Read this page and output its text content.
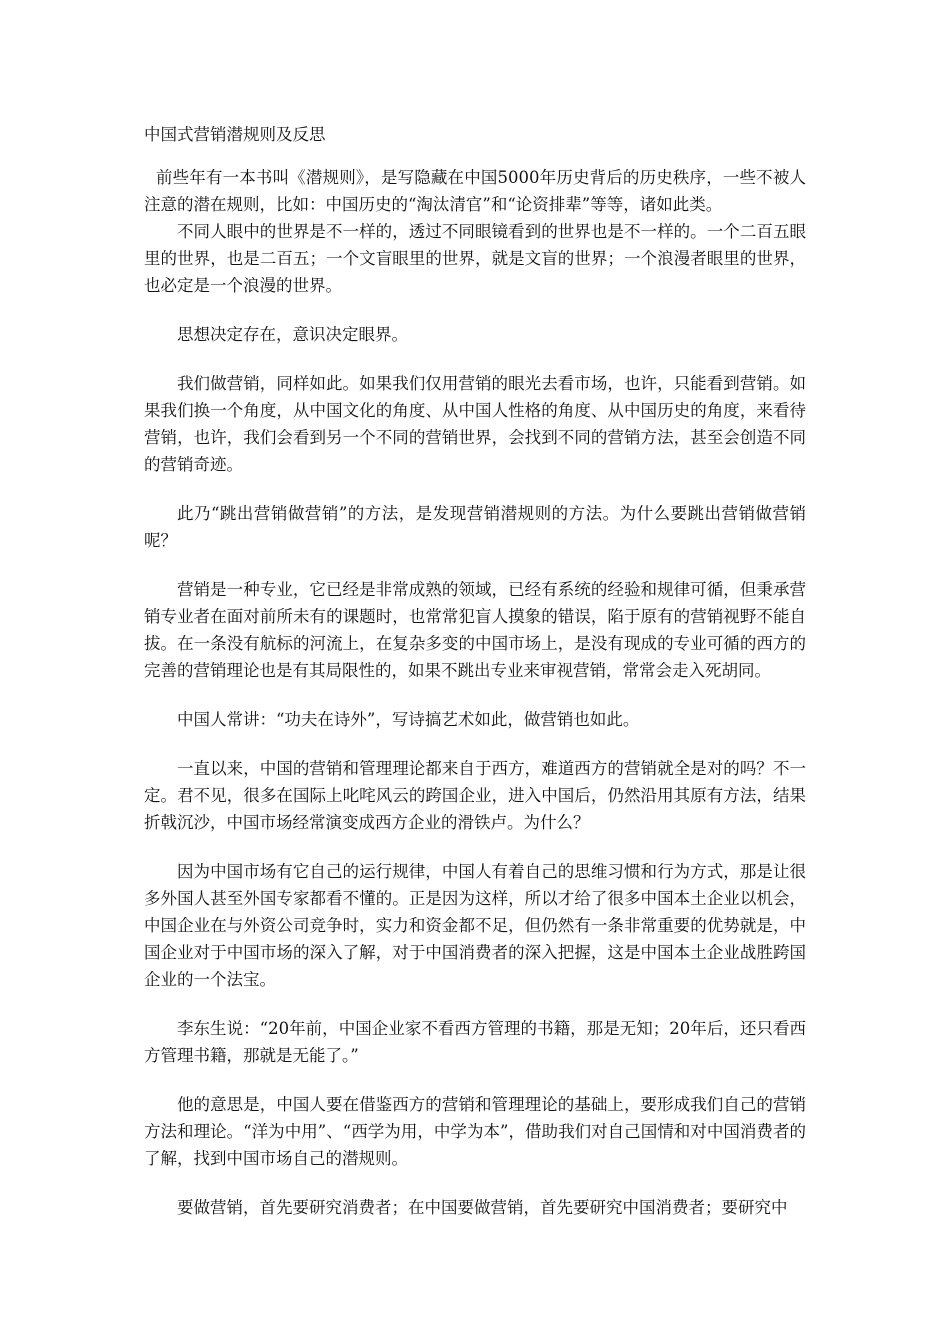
中国式营销潜规则及反思

前些年有一本书叫《潜规则》，是写隐藏在中国5000年历史背后的历史秩序，一些不被人注意的潜在规则，比如：中国历史的“淘汰清官”和“论资排辈”等等，诸如此类。

不同人眼中的世界是不一样的，透过不同眼镜看到的世界也是不一样的。一个二百五眼里的世界，也是二百五；一个文盲眼里的世界，就是文盲的世界；一个浪漫者眼里的世界，也必定是一个浪漫的世界。

思想决定存在，意识决定眼界。

我们做营销，同样如此。如果我们仅用营销的眼光去看市场，也许，只能看到营销。如果我们换一个角度，从中国文化的角度、从中国人性格的角度、从中国历史的角度，来看待营销，也许，我们会看到另一个不同的营销世界，会找到不同的营销方法，甚至会创造不同的营销奇迹。

此乃“跳出营销做营销”的方法，是发现营销潜规则的方法。为什么要跳出营销做营销呢？

营销是一种专业，它已经是非常成熟的领域，已经有系统的经验和规律可循，但秉承营销专业者在面对前所未有的课题时，也常常犯盲人摸象的错误，陷于原有的营销视野不能自拔。在一条没有航标的河流上，在复杂多变的中国市场上，是没有现成的专业可循的西方的完善的营销理论也是有其局限性的，如果不跳出专业来审视营销，常常会走入死胡同。

中国人常讲：“功夫在诗外”，写诗搞艺术如此，做营销也如此。

一直以来，中国的营销和管理理论都来自于西方，难道西方的营销就全是对的吗？不一定。君不见，很多在国际上叱咤风云的跨国企业，进入中国后，仍然沿用其原有方法，结果折戟沉沙，中国市场经常演变成西方企业的滑铁卢。为什么？

因为中国市场有它自己的运行规律，中国人有着自己的思维习惯和行为方式，那是让很多外国人甚至外国专家都看不懂的。正是因为这样，所以才给了很多中国本土企业以机会，中国企业在与外资公司竞争时，实力和资金都不足，但仍然有一条非常重要的优势就是，中国企业对于中国市场的深入了解，对于中国消费者的深入把握，这是中国本土企业战胜跨国企业的一个法宝。

李东生说：“20年前，中国企业家不看西方管理的书籍，那是无知；20年后，还只看西方管理书籍，那就是无能了。”

他的意思是，中国人要在借鉴西方的营销和管理理论的基础上，要形成我们自己的营销方法和理论。“洋为中用”、“西学为用，中学为本”，借助我们对自己国情和对中国消费者的了解，找到中国市场自己的潜规则。

要做营销，首先要研究消费者；在中国要做营销，首先要研究中国消费者；要研究中
